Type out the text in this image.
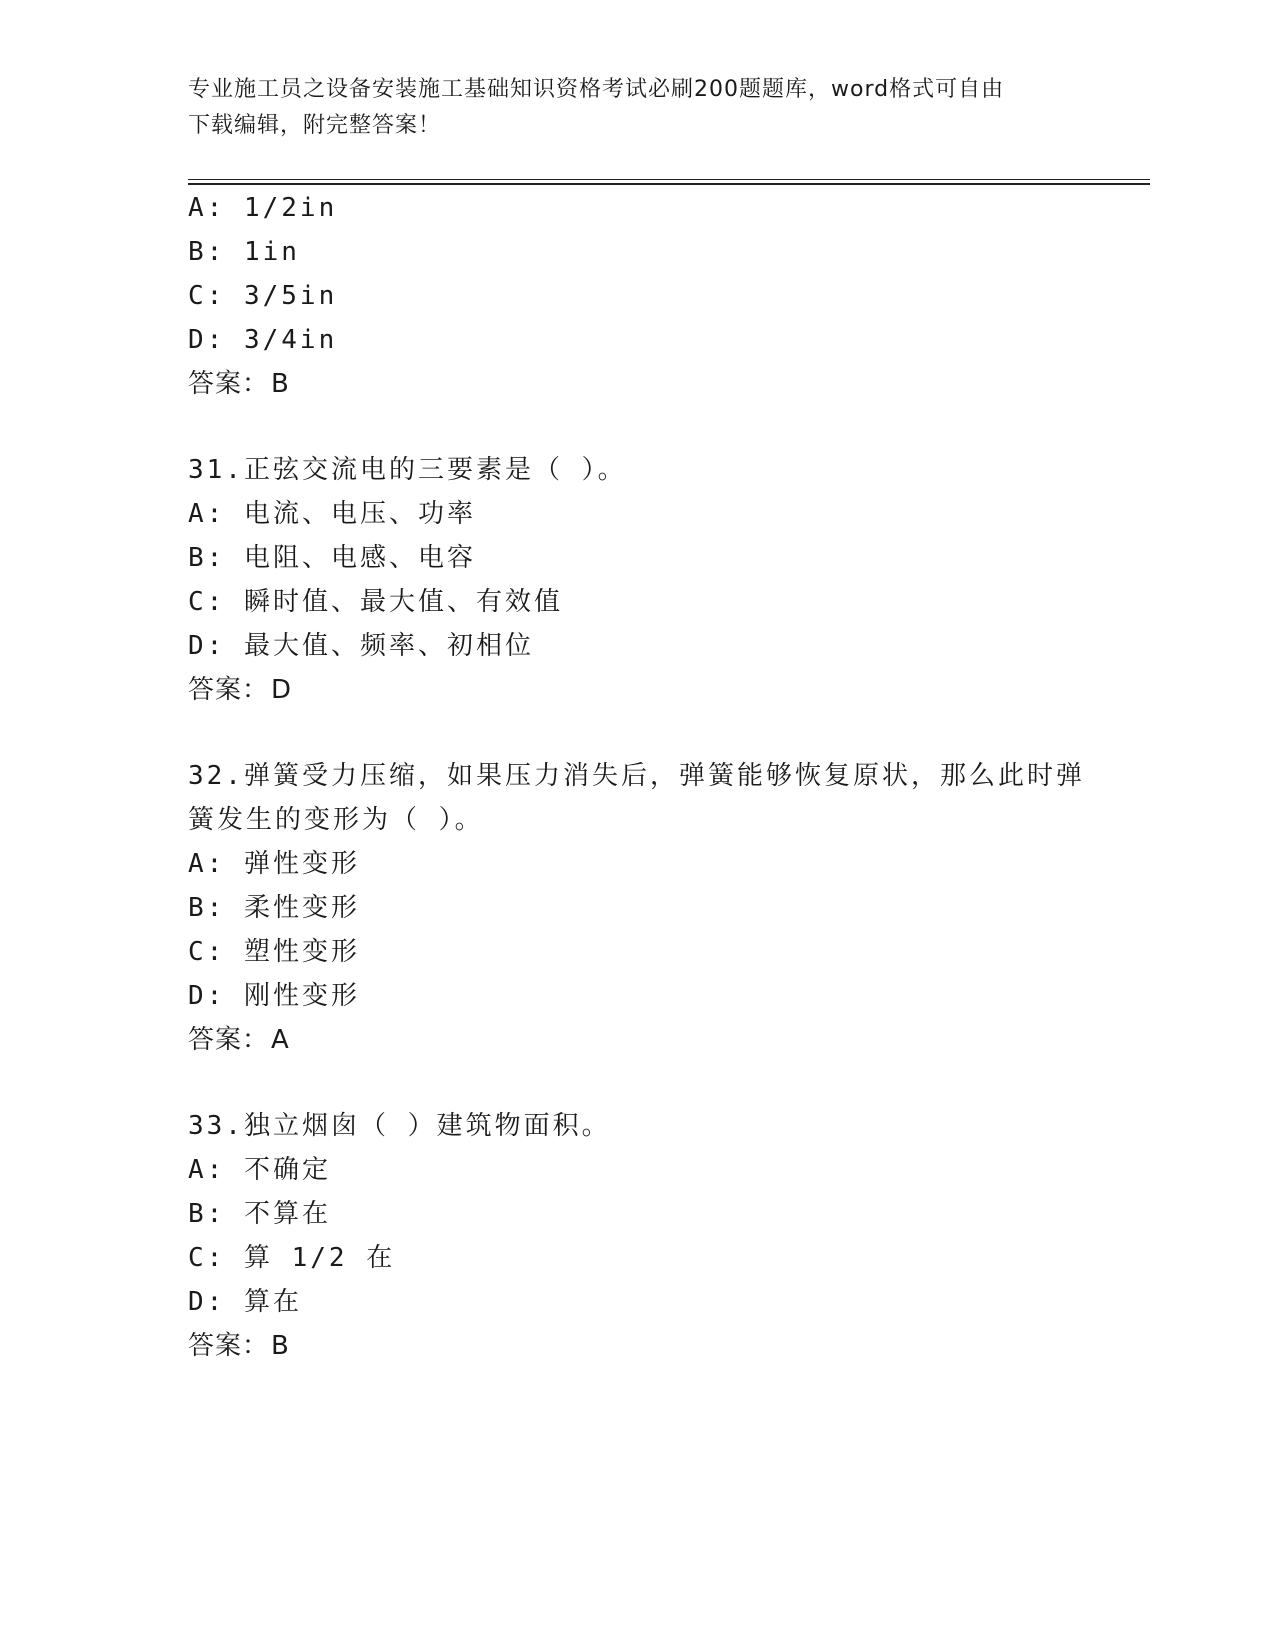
专业施工员之设备安装施工基础知识资格考试必刷200题题库，word格式可自由
下载编辑，附完整答案！
A: 1/2in
B: 1in
C: 3/5in
D: 3/4in
答案：B
31.正弦交流电的三要素是（ ）。
A: 电流、电压、功率
B: 电阻、电感、电容
C: 瞬时值、最大值、有效值
D: 最大值、频率、初相位
答案：D
32.弹簧受力压缩，如果压力消失后，弹簧能够恢复原状，那么此时弹
簧发生的变形为（ ）。
A: 弹性变形
B: 柔性变形
C: 塑性变形
D: 刚性变形
答案：A
33.独立烟囱（ ）建筑物面积。
A: 不确定
B: 不算在
C: 算 1/2 在
D: 算在
答案：B
